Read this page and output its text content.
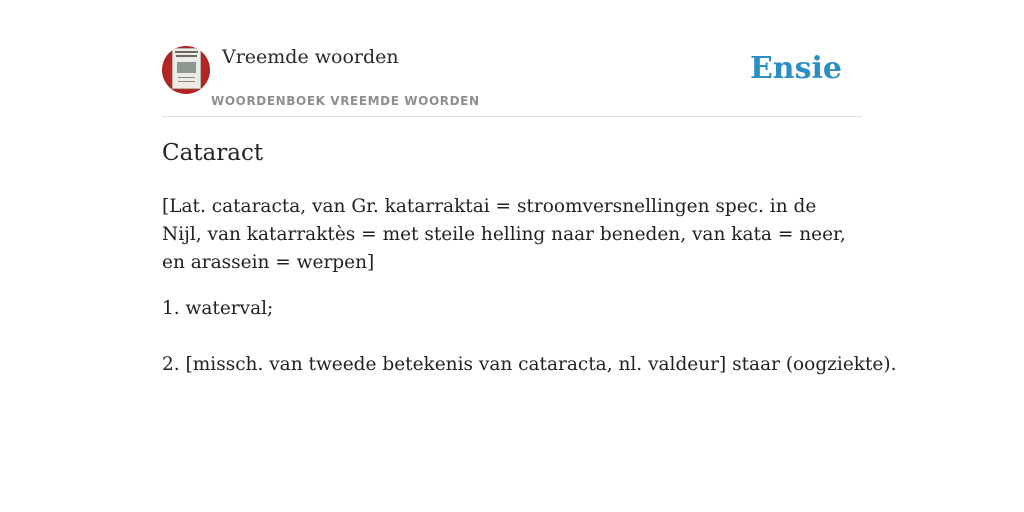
Vreemde woorden
WOORDENBOEK VREEMDE WOORDEN
Ensie
Cataract
[Lat. cataracta, van Gr. katarraktai = stroomversnellingen spec. in de Nijl, van katarraktès = met steile helling naar beneden, van kata = neer, en arassein = werpen]
1. waterval;
2. [missch. van tweede betekenis van cataracta, nl. valdeur] staar (oogziekte).
